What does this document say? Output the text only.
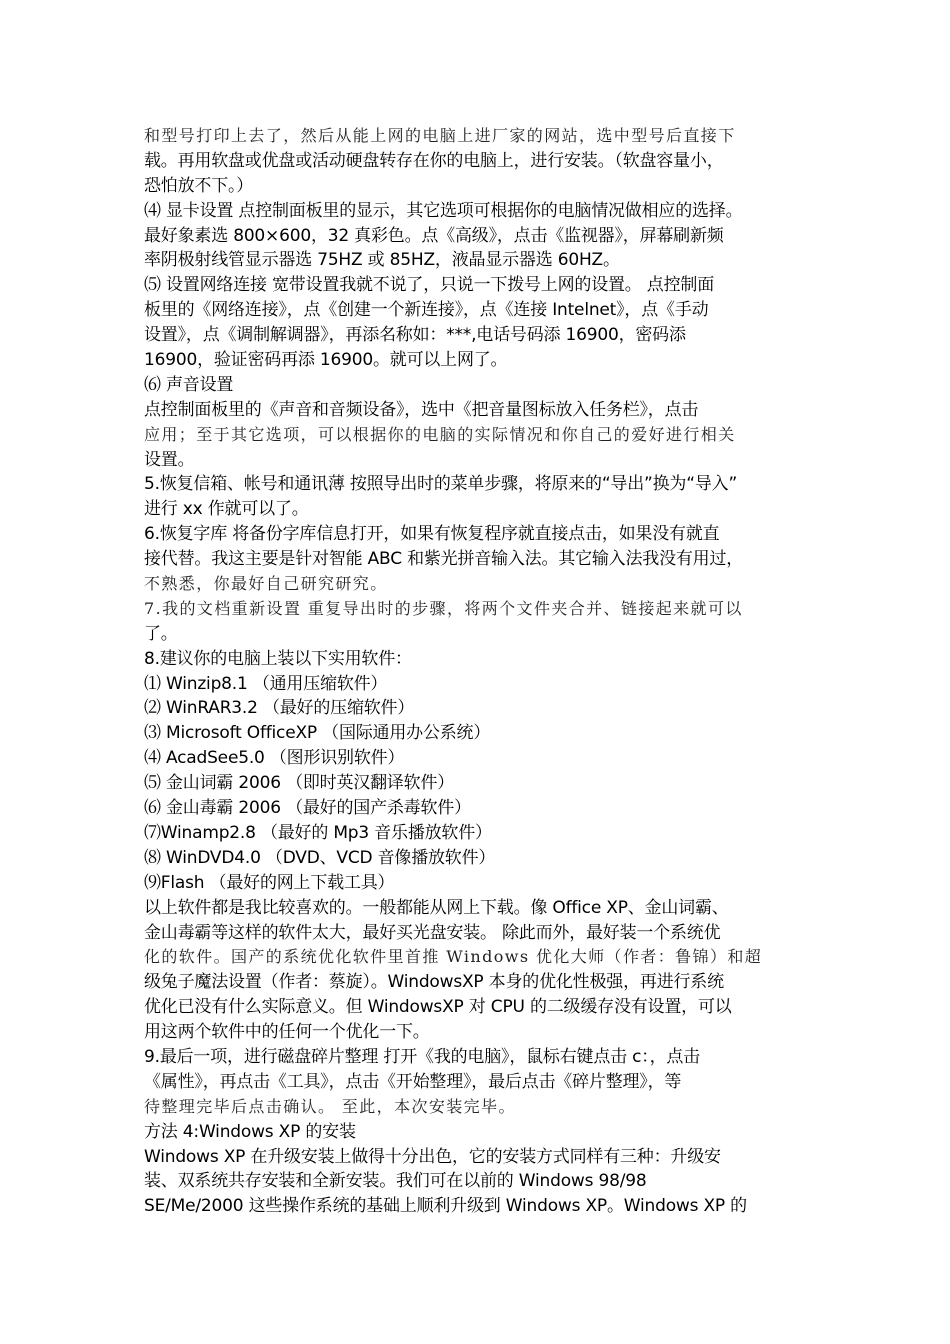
和型号打印上去了，然后从能上网的电脑上进厂家的网站，选中型号后直接下
载。再用软盘或优盘或活动硬盘转存在你的电脑上，进行安装。（软盘容量小，
恐怕放不下。）
⑷ 显卡设置 点控制面板里的显示，其它选项可根据你的电脑情况做相应的选择。
最好象素选 800×600，32 真彩色。点《高级》，点击《监视器》，屏幕刷新频
率阴极射线管显示器选 75HZ 或 85HZ，液晶显示器选 60HZ。
⑸ 设置网络连接 宽带设置我就不说了，只说一下拨号上网的设置。 点控制面
板里的《网络连接》，点《创建一个新连接》，点《连接 Intelnet》，点《手动
设置》，点《调制解调器》，再添名称如：***,电话号码添 16900，密码添
16900，验证密码再添 16900。就可以上网了。
⑹ 声音设置
点控制面板里的《声音和音频设备》，选中《把音量图标放入任务栏》，点击
应用；至于其它选项，可以根据你的电脑的实际情况和你自己的爱好进行相关
设置。
5.恢复信箱、帐号和通讯薄 按照导出时的菜单步骤，将原来的“导出”换为“导入”
进行 xx 作就可以了。
6.恢复字库 将备份字库信息打开，如果有恢复程序就直接点击，如果没有就直
接代替。我这主要是针对智能 ABC 和紫光拼音输入法。其它输入法我没有用过，
不熟悉，你最好自己研究研究。
7.我的文档重新设置 重复导出时的步骤，将两个文件夹合并、链接起来就可以
了。
8.建议你的电脑上装以下实用软件：
⑴ Winzip8.1 （通用压缩软件）
⑵ WinRAR3.2 （最好的压缩软件）
⑶ Microsoft OfficeXP （国际通用办公系统）
⑷ AcadSee5.0 （图形识别软件）
⑸ 金山词霸 2006 （即时英汉翻译软件）
⑹ 金山毒霸 2006 （最好的国产杀毒软件）
⑺Winamp2.8 （最好的 Mp3 音乐播放软件）
⑻ WinDVD4.0 （DVD、VCD 音像播放软件）
⑼Flash （最好的网上下载工具）
以上软件都是我比较喜欢的。一般都能从网上下载。像 Office XP、金山词霸、
金山毒霸等这样的软件太大，最好买光盘安装。 除此而外，最好装一个系统优
化的软件。国产的系统优化软件里首推 Windows 优化大师（作者：鲁锦）和超
级兔子魔法设置（作者：蔡旋）。WindowsXP 本身的优化性极强，再进行系统
优化已没有什么实际意义。但 WindowsXP 对 CPU 的二级缓存没有设置，可以
用这两个软件中的任何一个优化一下。
9.最后一项，进行磁盘碎片整理 打开《我的电脑》，鼠标右键点击 c：，点击
《属性》，再点击《工具》，点击《开始整理》，最后点击《碎片整理》，等
待整理完毕后点击确认。 至此，本次安装完毕。
方法 4:Windows XP 的安装
Windows XP 在升级安装上做得十分出色，它的安装方式同样有三种：升级安
装、双系统共存安装和全新安装。我们可在以前的 Windows 98/98
SE/Me/2000 这些操作系统的基础上顺利升级到 Windows XP。Windows XP 的
